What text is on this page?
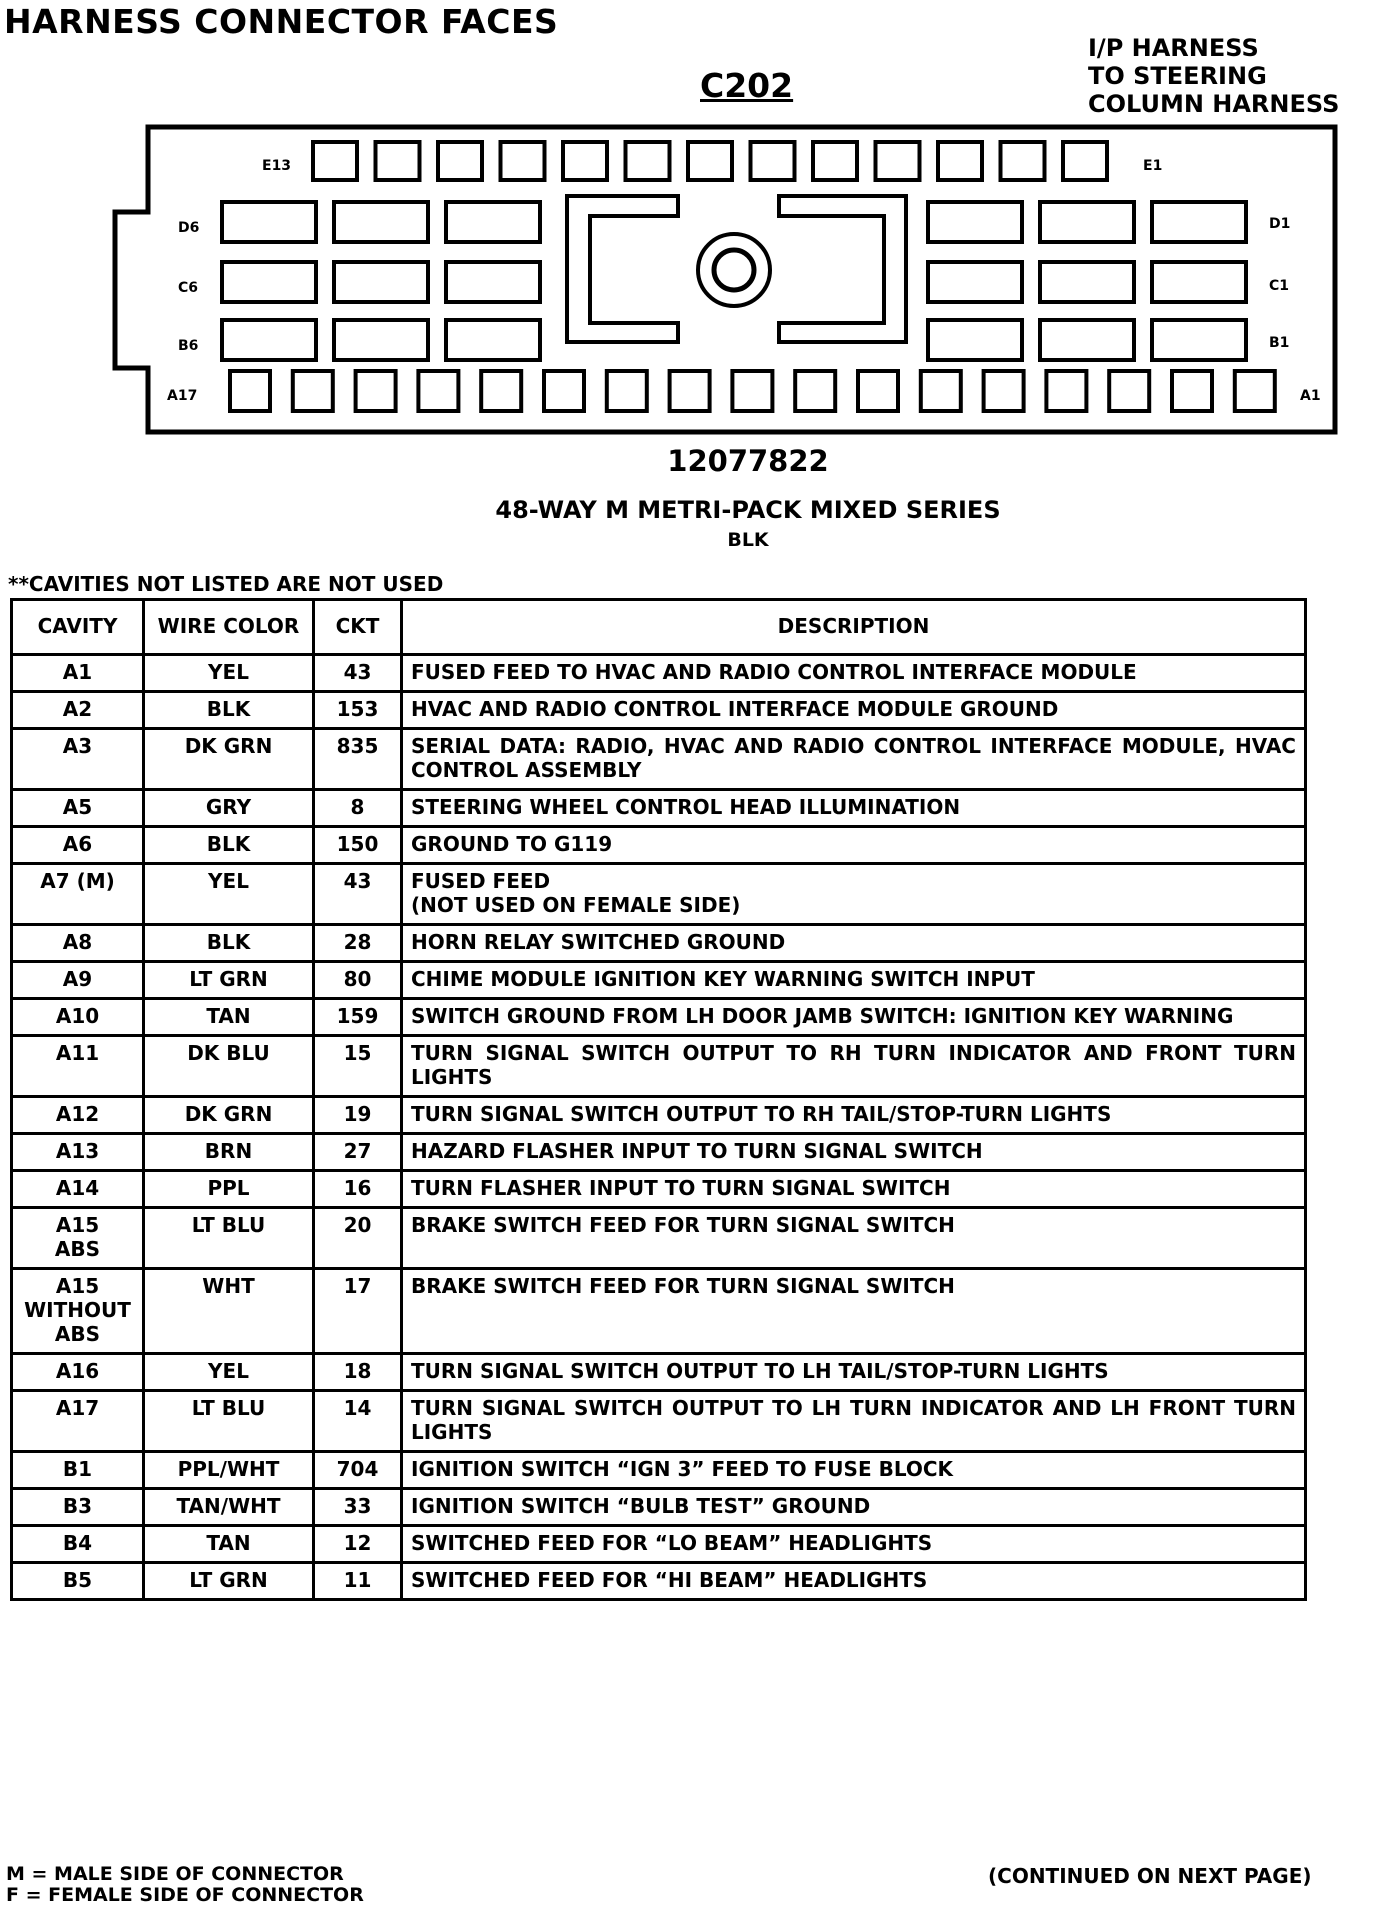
HARNESS CONNECTOR FACES
C202
I/P HARNESS
TO STEERING
COLUMN HARNESS
E13	E1
D6	D1
C6	C1
B6	B1
A17	A1
12077822
48-WAY M METRI-PACK MIXED SERIES
BLK
**CAVITIES NOT LISTED ARE NOT USED
CAVITY	WIRE COLOR	CKT	DESCRIPTION
A1	YEL	43	FUSED FEED TO HVAC AND RADIO CONTROL INTERFACE MODULE
A2	BLK	153	HVAC AND RADIO CONTROL INTERFACE MODULE GROUND
A3	DK GRN	835	SERIAL DATA: RADIO, HVAC AND RADIO CONTROL INTERFACE MODULE, HVAC CONTROL ASSEMBLY
A5	GRY	8	STEERING WHEEL CONTROL HEAD ILLUMINATION
A6	BLK	150	GROUND TO G119
A7 (M)	YEL	43	FUSED FEED
(NOT USED ON FEMALE SIDE)
A8	BLK	28	HORN RELAY SWITCHED GROUND
A9	LT GRN	80	CHIME MODULE IGNITION KEY WARNING SWITCH INPUT
A10	TAN	159	SWITCH GROUND FROM LH DOOR JAMB SWITCH: IGNITION KEY WARNING
A11	DK BLU	15	TURN SIGNAL SWITCH OUTPUT TO RH TURN INDICATOR AND FRONT TURN LIGHTS
A12	DK GRN	19	TURN SIGNAL SWITCH OUTPUT TO RH TAIL/STOP-TURN LIGHTS
A13	BRN	27	HAZARD FLASHER INPUT TO TURN SIGNAL SWITCH
A14	PPL	16	TURN FLASHER INPUT TO TURN SIGNAL SWITCH
A15
ABS	LT BLU	20	BRAKE SWITCH FEED FOR TURN SIGNAL SWITCH
A15
WITHOUT
ABS	WHT	17	BRAKE SWITCH FEED FOR TURN SIGNAL SWITCH
A16	YEL	18	TURN SIGNAL SWITCH OUTPUT TO LH TAIL/STOP-TURN LIGHTS
A17	LT BLU	14	TURN SIGNAL SWITCH OUTPUT TO LH TURN INDICATOR AND LH FRONT TURN LIGHTS
B1	PPL/WHT	704	IGNITION SWITCH “IGN 3” FEED TO FUSE BLOCK
B3	TAN/WHT	33	IGNITION SWITCH “BULB TEST” GROUND
B4	TAN	12	SWITCHED FEED FOR “LO BEAM” HEADLIGHTS
B5	LT GRN	11	SWITCHED FEED FOR “HI BEAM” HEADLIGHTS
M = MALE SIDE OF CONNECTOR
F = FEMALE SIDE OF CONNECTOR
(CONTINUED ON NEXT PAGE)
